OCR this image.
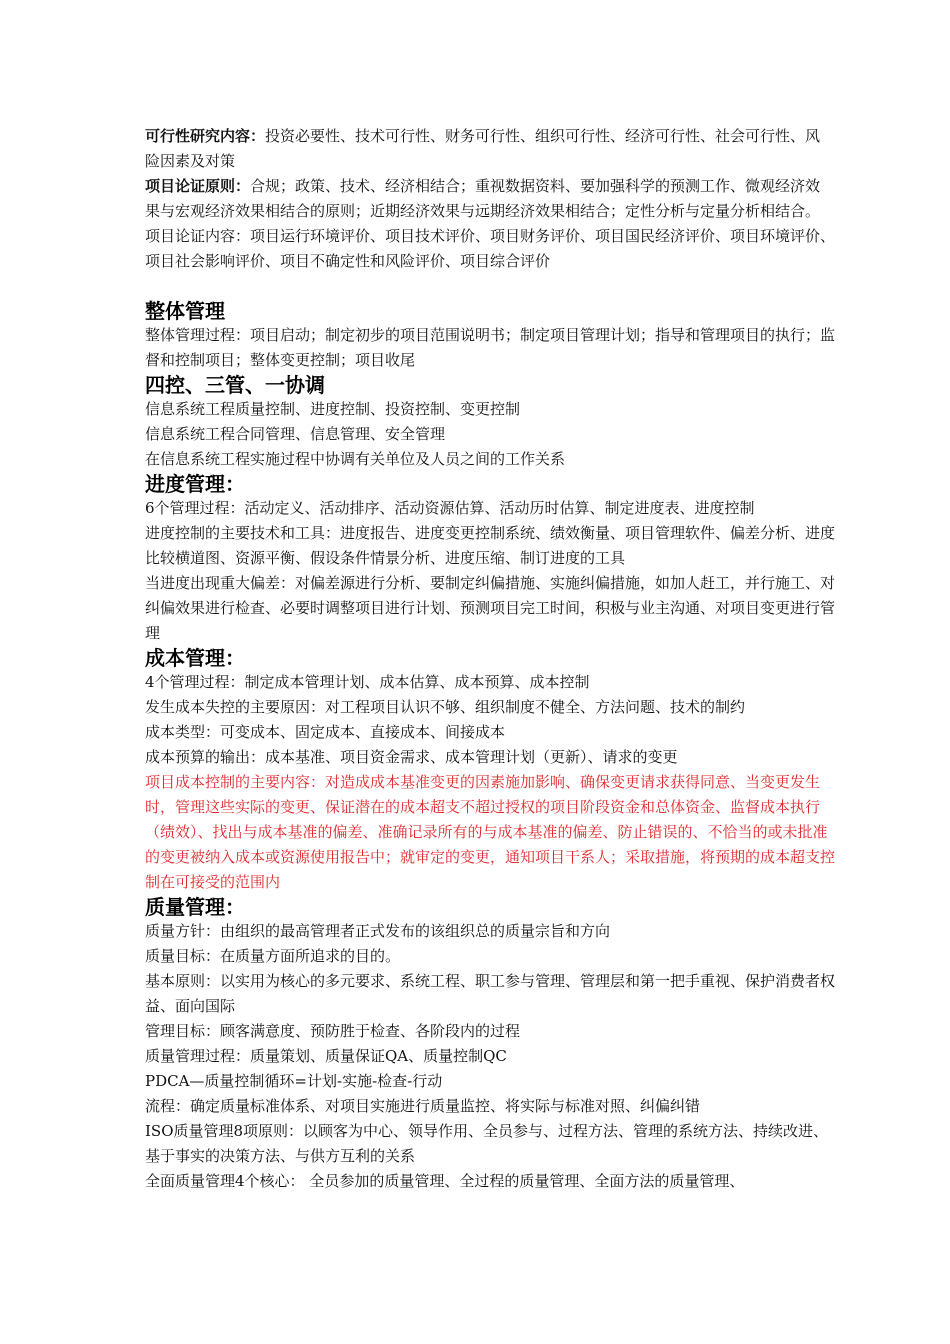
可行性研究内容：投资必要性、技术可行性、财务可行性、组织可行性、经济可行性、社会可行性、风险因素及对策

项目论证原则：合规；政策、技术、经济相结合；重视数据资料、要加强科学的预测工作、微观经济效果与宏观经济效果相结合的原则；近期经济效果与远期经济效果相结合；定性分析与定量分析相结合。

项目论证内容：项目运行环境评价、项目技术评价、项目财务评价、项目国民经济评价、项目环境评价、项目社会影响评价、项目不确定性和风险评价、项目综合评价

整体管理

整体管理过程：项目启动；制定初步的项目范围说明书；制定项目管理计划；指导和管理项目的执行；监督和控制项目；整体变更控制；项目收尾

四控、三管、一协调

信息系统工程质量控制、进度控制、投资控制、变更控制

信息系统工程合同管理、信息管理、安全管理

在信息系统工程实施过程中协调有关单位及人员之间的工作关系

进度管理：

6个管理过程：活动定义、活动排序、活动资源估算、活动历时估算、制定进度表、进度控制

进度控制的主要技术和工具：进度报告、进度变更控制系统、绩效衡量、项目管理软件、偏差分析、进度比较横道图、资源平衡、假设条件情景分析、进度压缩、制订进度的工具

当进度出现重大偏差：对偏差源进行分析、要制定纠偏措施、实施纠偏措施，如加人赶工，并行施工、对纠偏效果进行检查、必要时调整项目进行计划、预测项目完工时间，积极与业主沟通、对项目变更进行管理

成本管理：

4个管理过程：制定成本管理计划、成本估算、成本预算、成本控制

发生成本失控的主要原因：对工程项目认识不够、组织制度不健全、方法问题、技术的制约

成本类型：可变成本、固定成本、直接成本、间接成本

成本预算的输出：成本基准、项目资金需求、成本管理计划（更新）、请求的变更

项目成本控制的主要内容：对造成成本基准变更的因素施加影响、确保变更请求获得同意、当变更发生时，管理这些实际的变更、保证潜在的成本超支不超过授权的项目阶段资金和总体资金、监督成本执行（绩效）、找出与成本基准的偏差、准确记录所有的与成本基准的偏差、防止错误的、不恰当的或未批准的变更被纳入成本或资源使用报告中；就审定的变更，通知项目干系人；采取措施，将预期的成本超支控制在可接受的范围内

质量管理：

质量方针：由组织的最高管理者正式发布的该组织总的质量宗旨和方向

质量目标：在质量方面所追求的目的。

基本原则：以实用为核心的多元要求、系统工程、职工参与管理、管理层和第一把手重视、保护消费者权益、面向国际

管理目标：顾客满意度、预防胜于检查、各阶段内的过程

质量管理过程：质量策划、质量保证QA、质量控制QC

PDCA—质量控制循环=计划-实施-检查-行动

流程：确定质量标准体系、对项目实施进行质量监控、将实际与标准对照、纠偏纠错

ISO质量管理8项原则：以顾客为中心、领导作用、全员参与、过程方法、管理的系统方法、持续改进、基于事实的决策方法、与供方互利的关系

全面质量管理4个核心： 全员参加的质量管理、全过程的质量管理、全面方法的质量管理、
